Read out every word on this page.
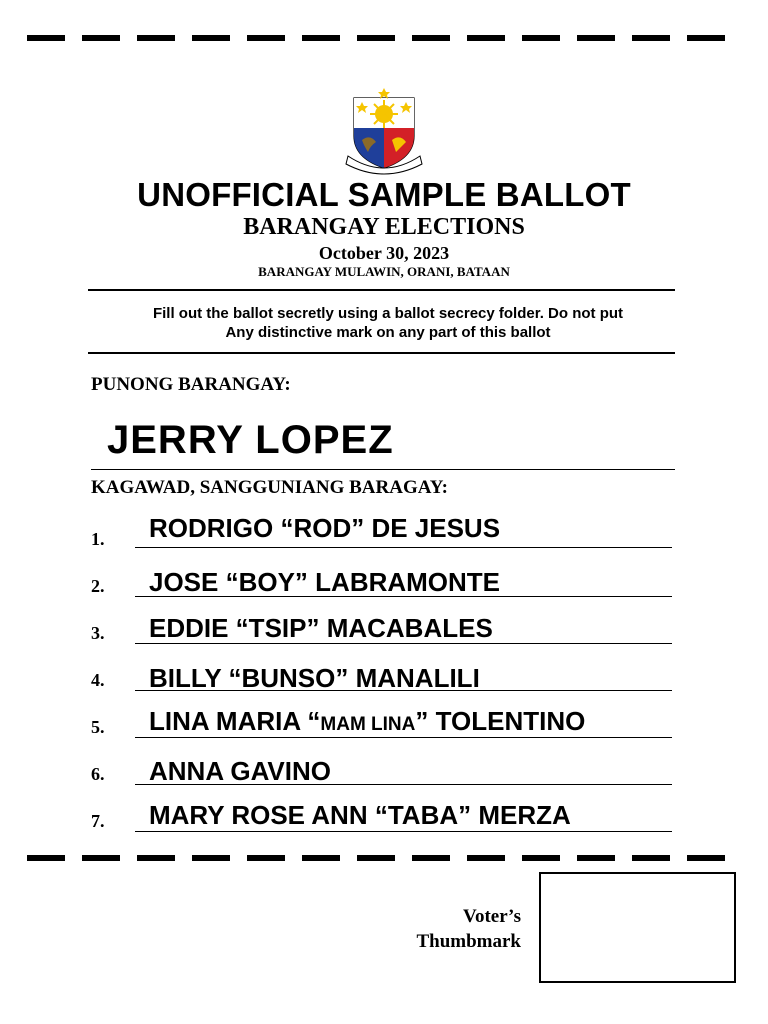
UNOFFICIAL SAMPLE BALLOT
BARANGAY ELECTIONS
October 30, 2023
BARANGAY MULAWIN, ORANI, BATAAN
Fill out the ballot secretly using a ballot secrecy folder. Do not put
Any distinctive mark on any part of this ballot
PUNONG BARANGAY:
JERRY LOPEZ
KAGAWAD, SANGGUNIANG BARAGAY:
1. RODRIGO “ROD” DE JESUS
2. JOSE “BOY” LABRAMONTE
3. EDDIE “TSIP” MACABALES
4. BILLY “BUNSO” MANALILI
5. LINA MARIA “MAM LINA” TOLENTINO
6. ANNA GAVINO
7. MARY ROSE ANN “TABA” MERZA
Voter’s
Thumbmark
